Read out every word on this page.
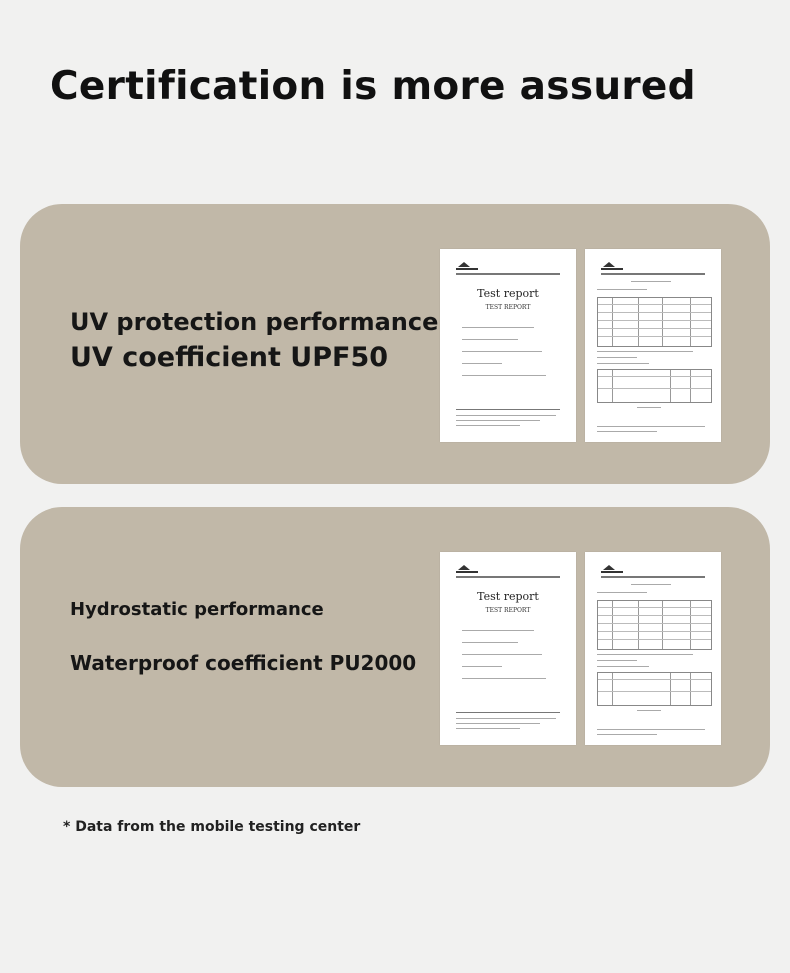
Certification is more assured
UV protection performance
UV coefficient UPF50
Test report
TEST REPORT
Hydrostatic performance
Waterproof coefficient PU2000
Test report
TEST REPORT
* Data from the mobile testing center
